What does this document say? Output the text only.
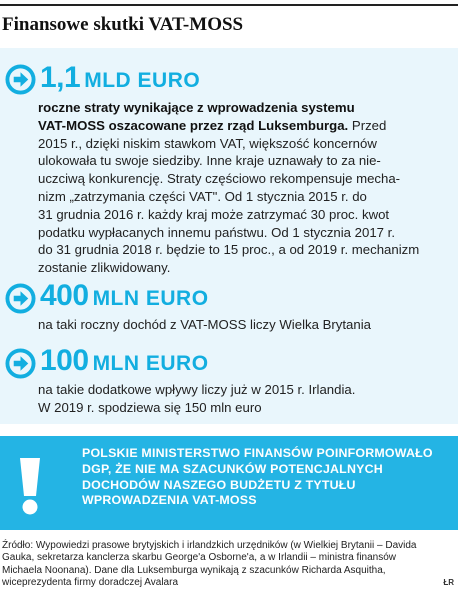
Finansowe skutki VAT-MOSS
1,1 MLD EURO
roczne straty wynikające z wprowadzenia systemu
VAT-MOSS oszacowane przez rząd Luksemburga. Przed
2015 r., dzięki niskim stawkom VAT, większość koncernów
ulokowała tu swoje siedziby. Inne kraje uznawały to za nie-
uczciwą konkurencję. Straty częściowo rekompensuje mecha-
nizm „zatrzymania części VAT". Od 1 stycznia 2015 r. do
31 grudnia 2016 r. każdy kraj może zatrzymać 30 proc. kwot
podatku wypłacanych innemu państwu. Od 1 stycznia 2017 r.
do 31 grudnia 2018 r. będzie to 15 proc., a od 2019 r. mechanizm
zostanie zlikwidowany.
400 MLN EURO
na taki roczny dochód z VAT-MOSS liczy Wielka Brytania
100 MLN EURO
na takie dodatkowe wpływy liczy już w 2015 r. Irlandia. W 2019 r. spodziewa się 150 mln euro
POLSKIE MINISTERSTWO FINANSÓW POINFORMOWAŁO DGP, ŻE NIE MA SZACUNKÓW POTENCJALNYCH DOCHODÓW NASZEGO BUDŻETU Z TYTUŁU WPROWADZENIA VAT-MOSS
Źródło: Wypowiedzi prasowe brytyjskich i irlandzkich urzędników (w Wielkiej Brytanii – Davida Gauka, sekretarza kanclerza skarbu George'a Osborne'a, a w Irlandii – ministra finansów Michaela Noonana). Dane dla Luksemburga wynikają z szacunków Richarda Asquitha, wiceprezydenta firmy doradczej Avalara	ŁR
